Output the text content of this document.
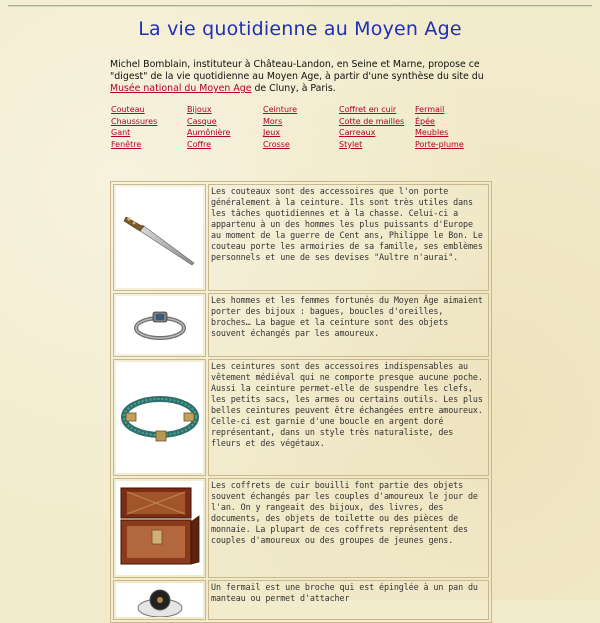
La vie quotidienne au Moyen Age
Michel Bomblain, instituteur à Château-Landon, en Seine et Marne, propose ce "digest" de la vie quotidienne au Moyen Age, à partir d'une synthèse du site du Musée national du Moyen Age de Cluny, à Paris.
Couteau	Bijoux	Ceinture	Coffret en cuir	Fermail
Chaussures	Casque	Mors	Cotte de mailles	Épée
Gant	Aumônière	Jeux	Carreaux	Meubles
Fenêtre	Coffre	Crosse	Stylet	Porte-plume
Les couteaux sont des accessoires que l'on porte généralement à la ceinture. Ils sont très utiles dans les tâches quotidiennes et à la chasse. Celui-ci a appartenu à un des hommes les plus puissants d'Europe au moment de la guerre de Cent ans, Philippe le Bon. Le couteau porte les armoiries de sa famille, ses emblèmes personnels et une de ses devises "Aultre n'aurai".
Les hommes et les femmes fortunés du Moyen Âge aimaient porter des bijoux : bagues, boucles d'oreilles, broches… La bague et la ceinture sont des objets souvent échangés par les amoureux.
Les ceintures sont des accessoires indispensables au vêtement médiéval qui ne comporte presque aucune poche. Aussi la ceinture permet-elle de suspendre les clefs, les petits sacs, les armes ou certains outils. Les plus belles ceintures peuvent être échangées entre amoureux. Celle-ci est garnie d'une boucle en argent doré représentant, dans un style très naturaliste, des fleurs et des végétaux.
Les coffrets de cuir bouilli font partie des objets souvent échangés par les couples d'amoureux le jour de l'an. On y rangeait des bijoux, des livres, des documents, des objets de toilette ou des pièces de monnaie. La plupart de ces coffrets représentent des couples d'amoureux ou des groupes de jeunes gens.
Un fermail est une broche qui est épinglée à un pan du manteau ou permet d'attacher
